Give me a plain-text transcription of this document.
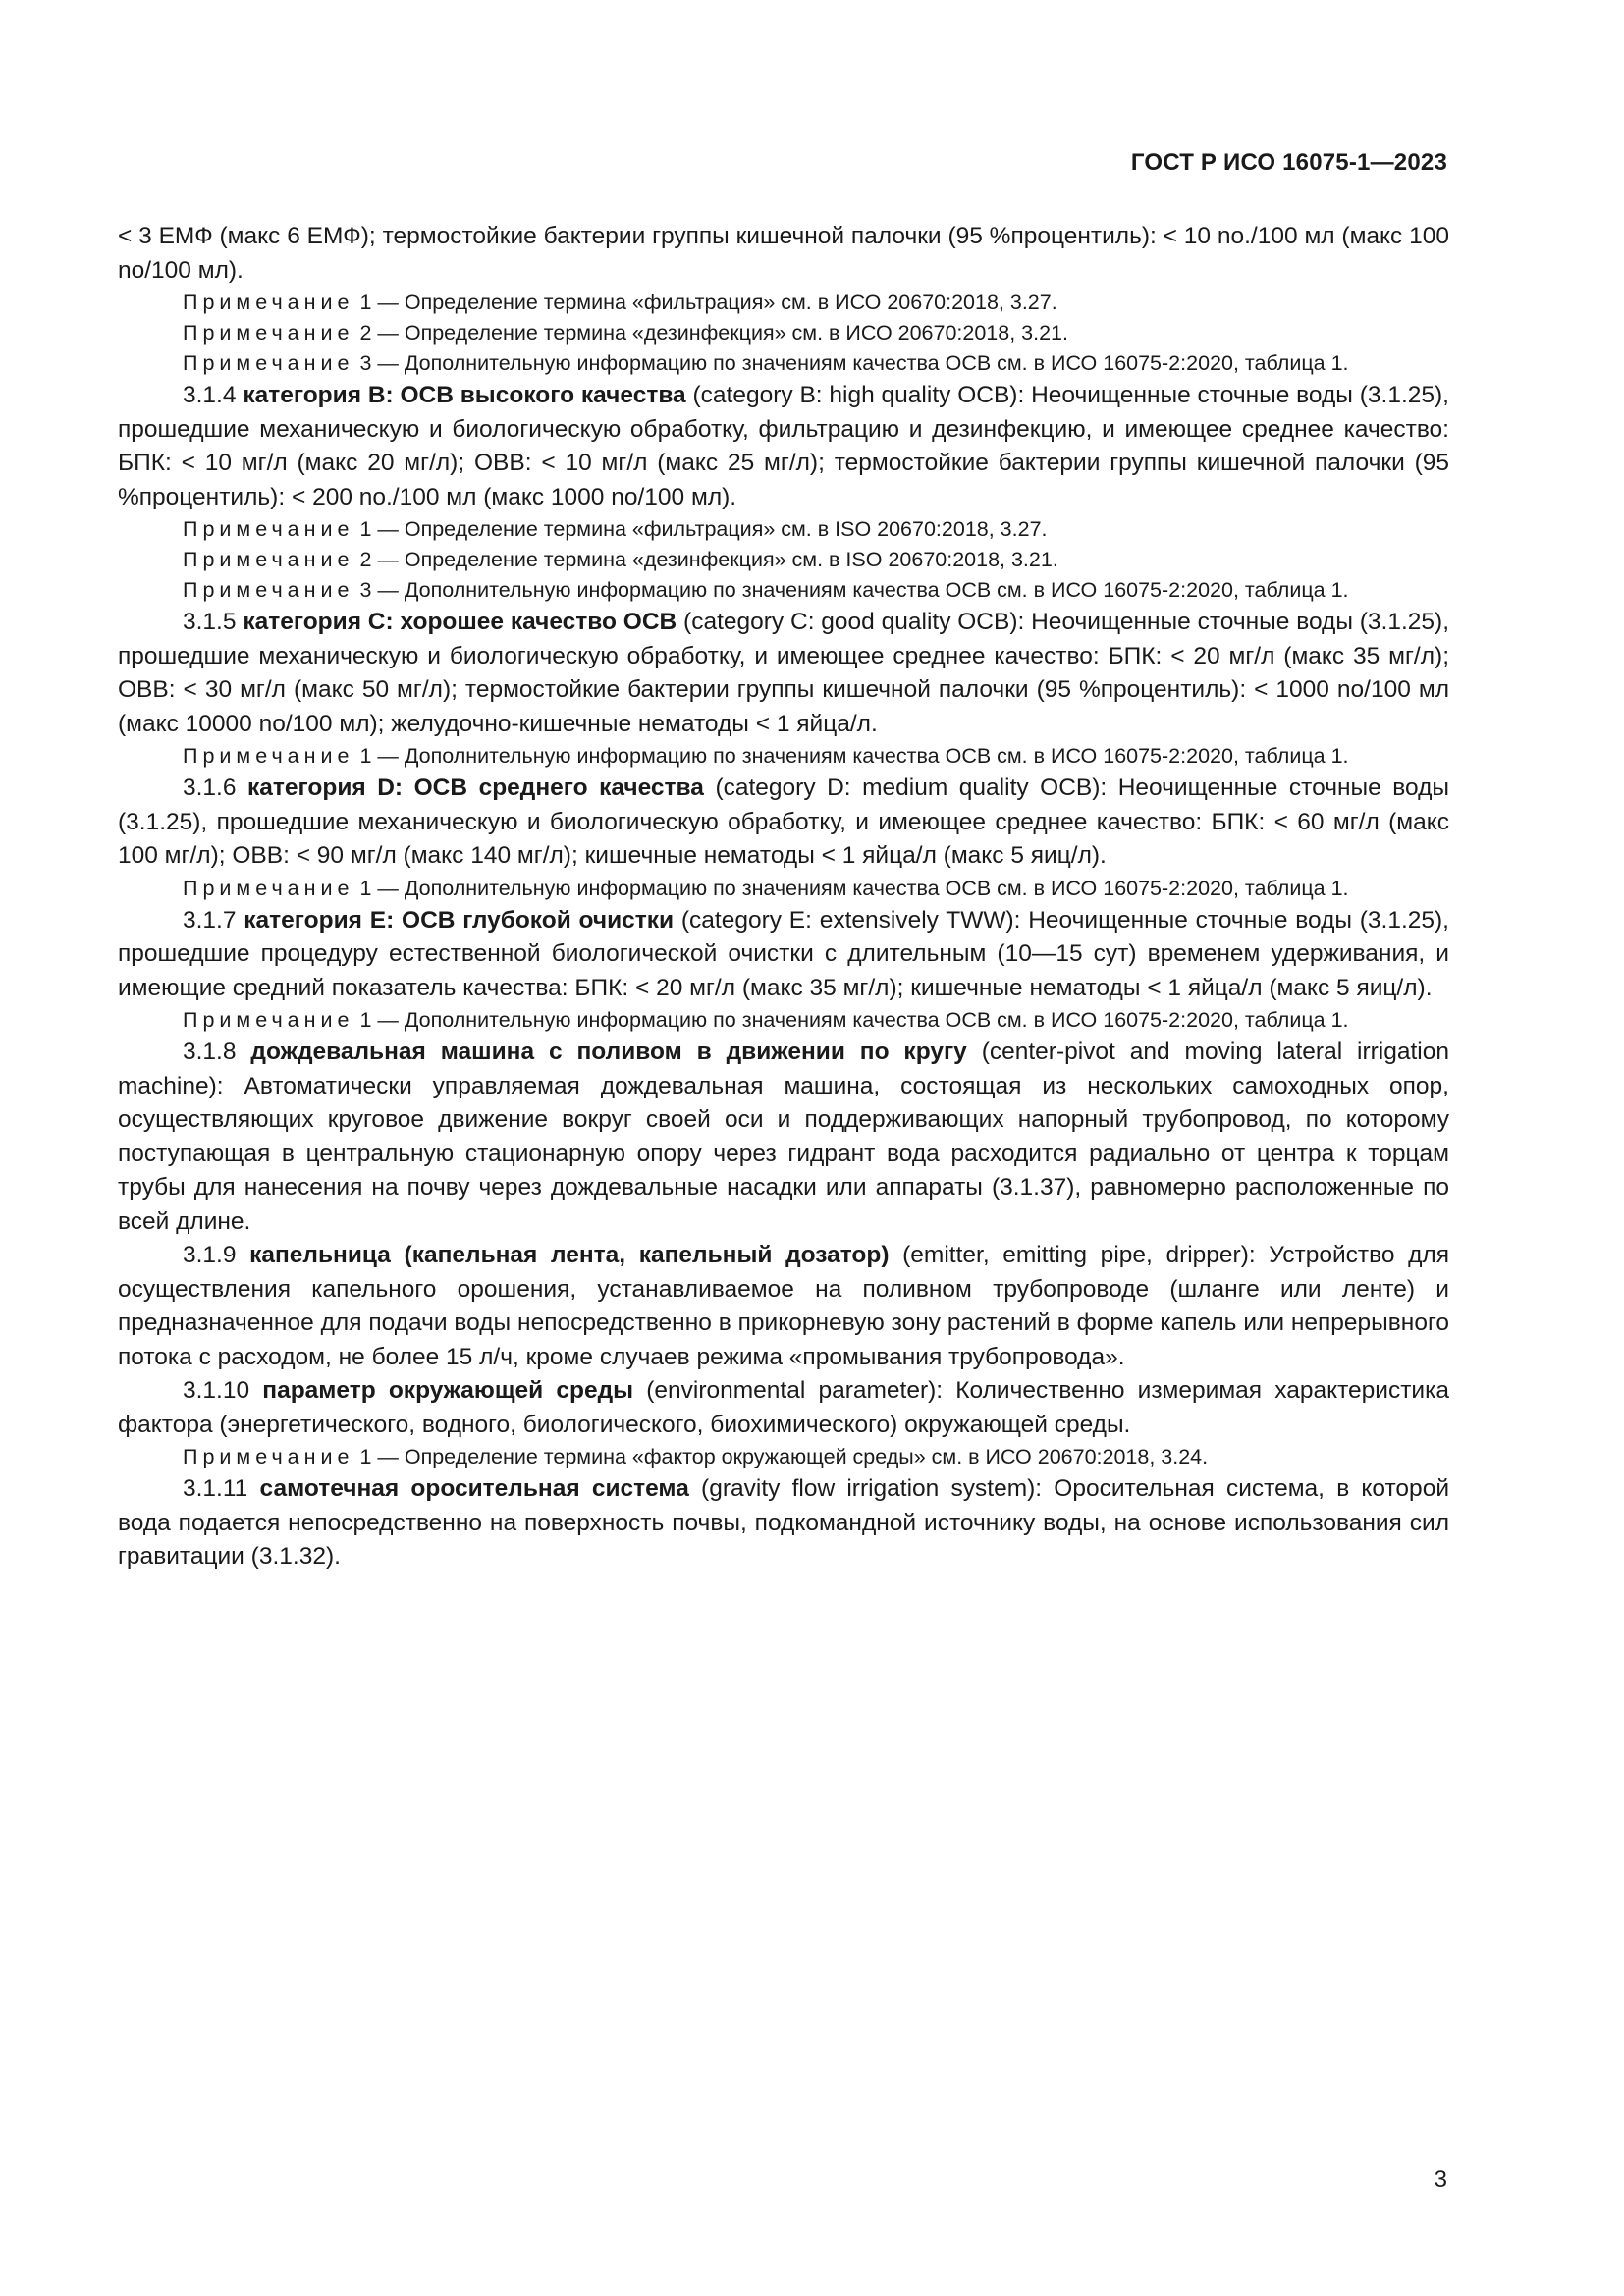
ГОСТ Р ИСО 16075-1—2023

< 3 ЕМФ (макс 6 ЕМФ); термостойкие бактерии группы кишечной палочки (95 %процентиль): < 10 no./100 мл (макс 100 no/100 мл).

Примечание 1 — Определение термина «фильтрация» см. в ИСО 20670:2018, 3.27.

Примечание 2 — Определение термина «дезинфекция» см. в ИСО 20670:2018, 3.21.

Примечание 3 — Дополнительную информацию по значениям качества ОСВ см. в ИСО 16075-2:2020, таблица 1.

3.1.4 категория В: ОСВ высокого качества (category B: high quality ОСВ): Неочищенные сточные воды (3.1.25), прошедшие механическую и биологическую обработку, фильтрацию и дезинфекцию, и имеющее среднее качество: БПК: < 10 мг/л (макс 20 мг/л); ОВВ: < 10 мг/л (макс 25 мг/л); термостойкие бактерии группы кишечной палочки (95 %процентиль): < 200 no./100 мл (макс 1000 no/100 мл).

Примечание 1 — Определение термина «фильтрация» см. в ISO 20670:2018, 3.27.

Примечание 2 — Определение термина «дезинфекция» см. в ISO 20670:2018, 3.21.

Примечание 3 — Дополнительную информацию по значениям качества ОСВ см. в ИСО 16075-2:2020, таблица 1.

3.1.5 категория С: хорошее качество ОСВ (category C: good quality ОСВ): Неочищенные сточные воды (3.1.25), прошедшие механическую и биологическую обработку, и имеющее среднее качество: БПК: < 20 мг/л (макс 35 мг/л); ОВВ: < 30 мг/л (макс 50 мг/л); термостойкие бактерии группы кишечной палочки (95 %процентиль): < 1000 no/100 мл (макс 10000 no/100 мл); желудочно-кишечные нематоды < 1 яйца/л.

Примечание 1 — Дополнительную информацию по значениям качества ОСВ см. в ИСО 16075-2:2020, таблица 1.

3.1.6 категория D: ОСВ среднего качества (category D: medium quality ОСВ): Неочищенные сточные воды (3.1.25), прошедшие механическую и биологическую обработку, и имеющее среднее качество: БПК: < 60 мг/л (макс 100 мг/л); ОВВ: < 90 мг/л (макс 140 мг/л); кишечные нематоды < 1 яйца/л (макс 5 яиц/л).

Примечание 1 — Дополнительную информацию по значениям качества ОСВ см. в ИСО 16075-2:2020, таблица 1.

3.1.7 категория Е: ОСВ глубокой очистки (category E: extensively TWW): Неочищенные сточные воды (3.1.25), прошедшие процедуру естественной биологической очистки с длительным (10—15 сут) временем удерживания, и имеющие средний показатель качества: БПК: < 20 мг/л (макс 35 мг/л); кишечные нематоды < 1 яйца/л (макс 5 яиц/л).

Примечание 1 — Дополнительную информацию по значениям качества ОСВ см. в ИСО 16075-2:2020, таблица 1.

3.1.8 дождевальная машина с поливом в движении по кругу (center-pivot and moving lateral irrigation machine): Автоматически управляемая дождевальная машина, состоящая из нескольких самоходных опор, осуществляющих круговое движение вокруг своей оси и поддерживающих напорный трубопровод, по которому поступающая в центральную стационарную опору через гидрант вода расходится радиально от центра к торцам трубы для нанесения на почву через дождевальные насадки или аппараты (3.1.37), равномерно расположенные по всей длине.

3.1.9 капельница (капельная лента, капельный дозатор) (emitter, emitting pipe, dripper): Устройство для осуществления капельного орошения, устанавливаемое на поливном трубопроводе (шланге или ленте) и предназначенное для подачи воды непосредственно в прикорневую зону растений в форме капель или непрерывного потока с расходом, не более 15 л/ч, кроме случаев режима «промывания трубопровода».

3.1.10 параметр окружающей среды (environmental parameter): Количественно измеримая характеристика фактора (энергетического, водного, биологического, биохимического) окружающей среды.

Примечание 1 — Определение термина «фактор окружающей среды» см. в ИСО 20670:2018, 3.24.

3.1.11 самотечная оросительная система (gravity flow irrigation system): Оросительная система, в которой вода подается непосредственно на поверхность почвы, подкомандной источнику воды, на основе использования сил гравитации (3.1.32).

3
